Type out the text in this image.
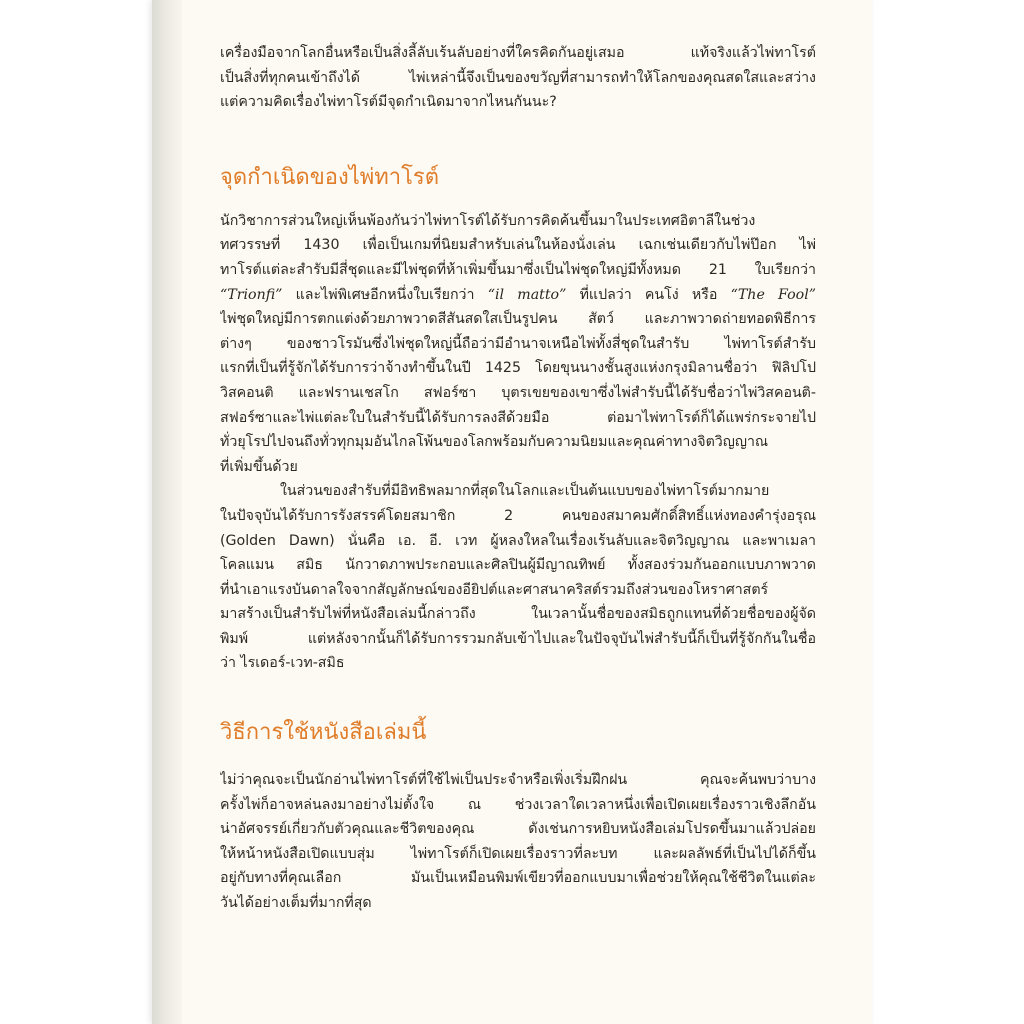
เครื่องมือจากโลกอื่นหรือเป็นสิ่งลี้ลับเร้นลับอย่างที่ใครคิดกันอยู่เสมอ แท้จริงแล้วไพ่ทาโรต์
เป็นสิ่งที่ทุกคนเข้าถึงได้ ไพ่เหล่านี้จึงเป็นของขวัญที่สามารถทำให้โลกของคุณสดใสและสว่าง
แต่ความคิดเรื่องไพ่ทาโรต์มีจุดกำเนิดมาจากไหนกันนะ?

จุดกำเนิดของไพ่ทาโรต์

นักวิชาการส่วนใหญ่เห็นพ้องกันว่าไพ่ทาโรต์ได้รับการคิดค้นขึ้นมาในประเทศอิตาลีในช่วง
ทศวรรษที่ 1430 เพื่อเป็นเกมที่นิยมสำหรับเล่นในห้องนั่งเล่น เฉกเช่นเดียวกับไพ่ป๊อก ไพ่
ทาโรต์แต่ละสำรับมีสี่ชุดและมีไพ่ชุดที่ห้าเพิ่มขึ้นมาซึ่งเป็นไพ่ชุดใหญ่มีทั้งหมด 21 ใบเรียกว่า
“Trionfi” และไพ่พิเศษอีกหนึ่งใบเรียกว่า “il matto” ที่แปลว่า คนโง่ หรือ “The Fool”
ไพ่ชุดใหญ่มีการตกแต่งด้วยภาพวาดสีสันสดใสเป็นรูปคน สัตว์ และภาพวาดถ่ายทอดพิธีการ
ต่างๆ ของชาวโรมันซึ่งไพ่ชุดใหญ่นี้ถือว่ามีอำนาจเหนือไพ่ทั้งสี่ชุดในสำรับ ไพ่ทาโรต์สำรับ
แรกที่เป็นที่รู้จักได้รับการว่าจ้างทำขึ้นในปี 1425 โดยขุนนางชั้นสูงแห่งกรุงมิลานชื่อว่า ฟิลิปโป
วิสคอนติ และฟรานเชสโก สฟอร์ซา บุตรเขยของเขาซึ่งไพ่สำรับนี้ได้รับชื่อว่าไพ่วิสคอนติ-
สฟอร์ซาและไพ่แต่ละใบในสำรับนี้ได้รับการลงสีด้วยมือ ต่อมาไพ่ทาโรต์ก็ได้แพร่กระจายไป
ทั่วยุโรปไปจนถึงทั่วทุกมุมอันไกลโพ้นของโลกพร้อมกับความนิยมและคุณค่าทางจิตวิญญาณ
ที่เพิ่มขึ้นด้วย

ในส่วนของสำรับที่มีอิทธิพลมากที่สุดในโลกและเป็นต้นแบบของไพ่ทาโรต์มากมาย
ในปัจจุบันได้รับการรังสรรค์โดยสมาชิก 2 คนของสมาคมศักดิ์สิทธิ์แห่งทองคำรุ่งอรุณ
(Golden Dawn) นั่นคือ เอ. อี. เวท ผู้หลงใหลในเรื่องเร้นลับและจิตวิญญาณ และพาเมลา
โคลแมน สมิธ นักวาดภาพประกอบและศิลปินผู้มีญาณทิพย์ ทั้งสองร่วมกันออกแบบภาพวาด
ที่นำเอาแรงบันดาลใจจากสัญลักษณ์ของอียิปต์และศาสนาคริสต์รวมถึงส่วนของโหราศาสตร์
มาสร้างเป็นสำรับไพ่ที่หนังสือเล่มนี้กล่าวถึง ในเวลานั้นชื่อของสมิธถูกแทนที่ด้วยชื่อของผู้จัด
พิมพ์ แต่หลังจากนั้นก็ได้รับการรวมกลับเข้าไปและในปัจจุบันไพ่สำรับนี้ก็เป็นที่รู้จักกันในชื่อ
ว่า ไรเดอร์-เวท-สมิธ

วิธีการใช้หนังสือเล่มนี้

ไม่ว่าคุณจะเป็นนักอ่านไพ่ทาโรต์ที่ใช้ไพ่เป็นประจำหรือเพิ่งเริ่มฝึกฝน คุณจะค้นพบว่าบาง
ครั้งไพ่ก็อาจหล่นลงมาอย่างไม่ตั้งใจ ณ ช่วงเวลาใดเวลาหนึ่งเพื่อเปิดเผยเรื่องราวเชิงลึกอัน
น่าอัศจรรย์เกี่ยวกับตัวคุณและชีวิตของคุณ ดังเช่นการหยิบหนังสือเล่มโปรดขึ้นมาแล้วปล่อย
ให้หน้าหนังสือเปิดแบบสุ่ม ไพ่ทาโรต์ก็เปิดเผยเรื่องราวที่ละบท และผลลัพธ์ที่เป็นไปได้ก็ขึ้น
อยู่กับทางที่คุณเลือก มันเป็นเหมือนพิมพ์เขียวที่ออกแบบมาเพื่อช่วยให้คุณใช้ชีวิตในแต่ละ
วันได้อย่างเต็มที่มากที่สุด
